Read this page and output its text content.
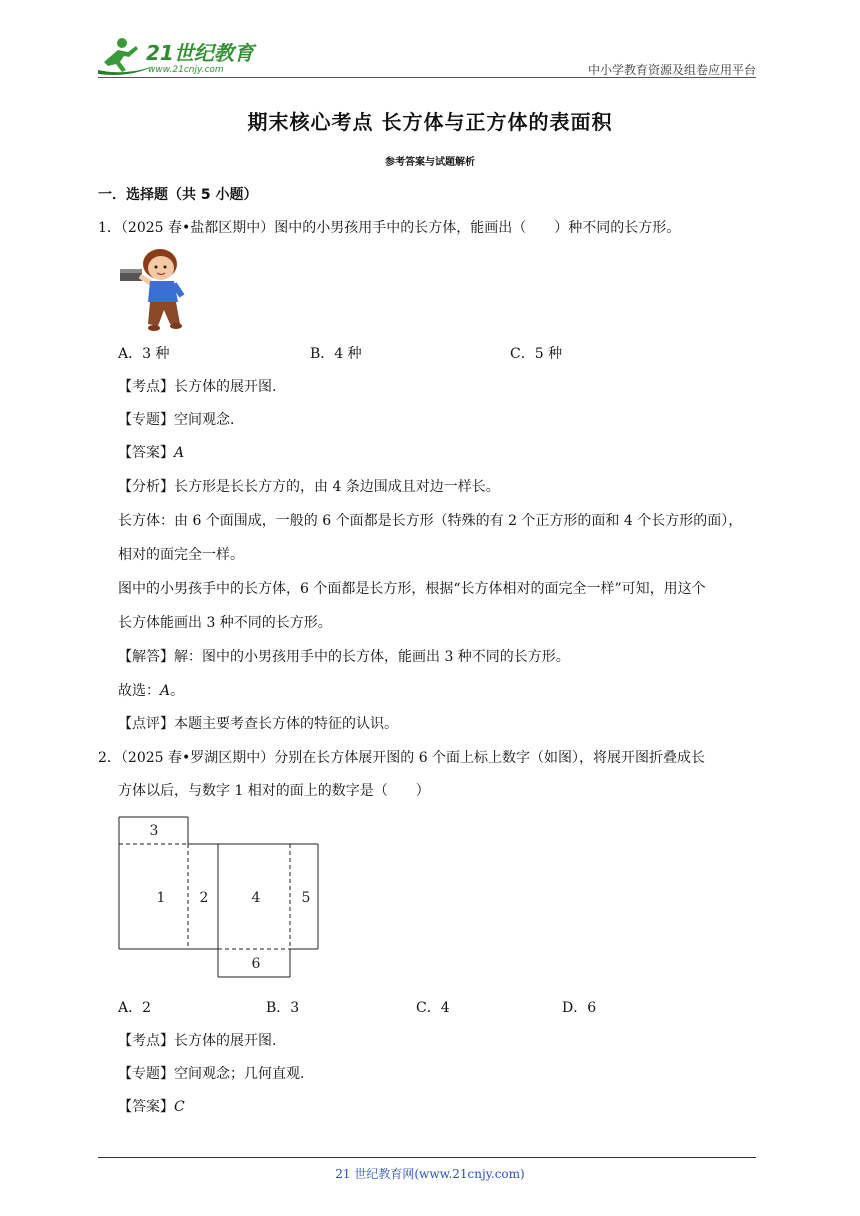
21世纪教育
www.21cnjy.com	中小学教育资源及组卷应用平台
期末核心考点 长方体与正方体的表面积
参考答案与试题解析
一．选择题（共 5 小题）
1．（2025 春•盐都区期中）图中的小男孩用手中的长方体，能画出（　　）种不同的长方形。
A．3 种	B．4 种	C．5 种
【考点】长方体的展开图.
【专题】空间观念.
【答案】A
【分析】长方形是长长方方的，由 4 条边围成且对边一样长。
长方体：由 6 个面围成，一般的 6 个面都是长方形（特殊的有 2 个正方形的面和 4 个长方形的面），
相对的面完全一样。
图中的小男孩手中的长方体，6 个面都是长方形，根据“长方体相对的面完全一样”可知，用这个
长方体能画出 3 种不同的长方形。
【解答】解：图中的小男孩用手中的长方体，能画出 3 种不同的长方形。
故选：A。
【点评】本题主要考查长方体的特征的认识。
2．（2025 春•罗湖区期中）分别在长方体展开图的 6 个面上标上数字（如图），将展开图折叠成长
方体以后，与数字 1 相对的面上的数字是（　　）
3
1 2	4	5
6
A．2	B．3	C．4	D．6
【考点】长方体的展开图.
【专题】空间观念；几何直观.
【答案】C
21 世纪教育网(www.21cnjy.com)
